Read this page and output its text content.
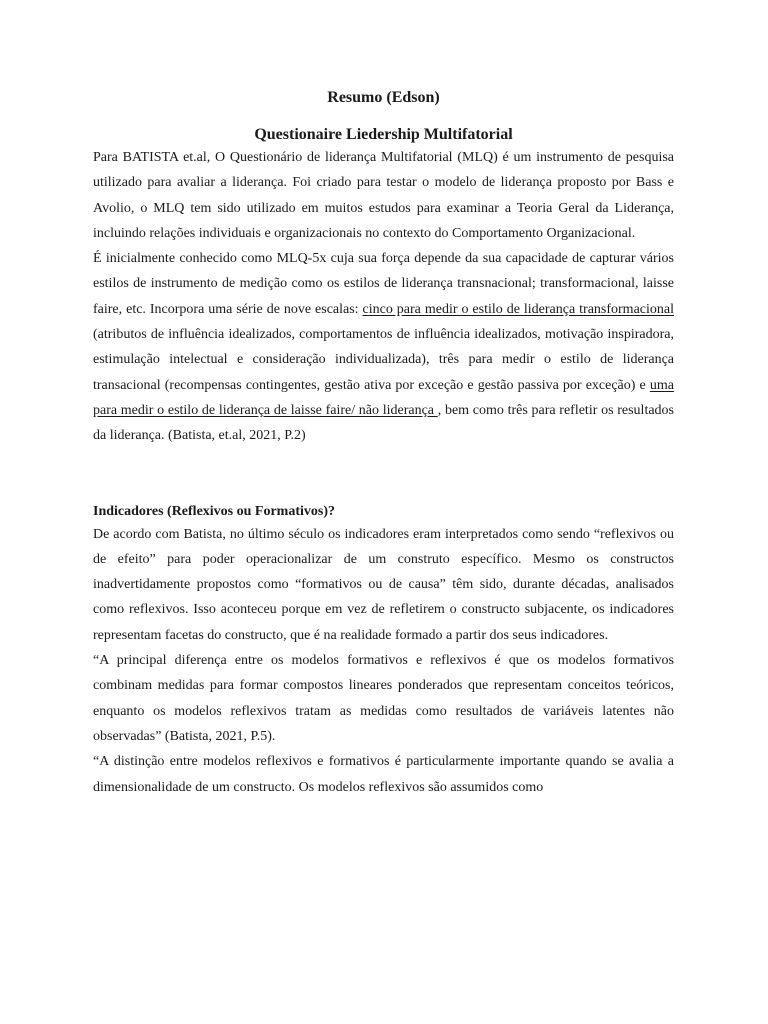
Resumo (Edson)
Questionaire Liedership Multifatorial

Para BATISTA et.al, O Questionário de liderança Multifatorial (MLQ) é um instrumento de pesquisa utilizado para avaliar a liderança. Foi criado para testar o modelo de liderança proposto por Bass e Avolio, o MLQ tem sido utilizado em muitos estudos para examinar a Teoria Geral da Liderança, incluindo relações individuais e organizacionais no contexto do Comportamento Organizacional.

É inicialmente conhecido como MLQ-5x cuja sua força depende da sua capacidade de capturar vários estilos de instrumento de medição como os estilos de liderança transnacional; transformacional, laisse faire, etc. Incorpora uma série de nove escalas: cinco para medir o estilo de liderança transformacional (atributos de influência idealizados, comportamentos de influência idealizados, motivação inspiradora, estimulação intelectual e consideração individualizada), três para medir o estilo de liderança transacional (recompensas contingentes, gestão ativa por exceção e gestão passiva por exceção) e uma para medir o estilo de liderança de laisse faire/ não liderança , bem como três para refletir os resultados da liderança. (Batista, et.al, 2021, P.2)

Indicadores (Reflexivos ou Formativos)?

De acordo com Batista, no último século os indicadores eram interpretados como sendo “reflexivos ou de efeito” para poder operacionalizar de um construto específico. Mesmo os constructos inadvertidamente propostos como “formativos ou de causa” têm sido, durante décadas, analisados como reflexivos. Isso aconteceu porque em vez de refletirem o constructo subjacente, os indicadores representam facetas do constructo, que é na realidade formado a partir dos seus indicadores.

“A principal diferença entre os modelos formativos e reflexivos é que os modelos formativos combinam medidas para formar compostos lineares ponderados que representam conceitos teóricos, enquanto os modelos reflexivos tratam as medidas como resultados de variáveis latentes não observadas” (Batista, 2021, P.5).

“A distinção entre modelos reflexivos e formativos é particularmente importante quando se avalia a dimensionalidade de um constructo. Os modelos reflexivos são assumidos como
